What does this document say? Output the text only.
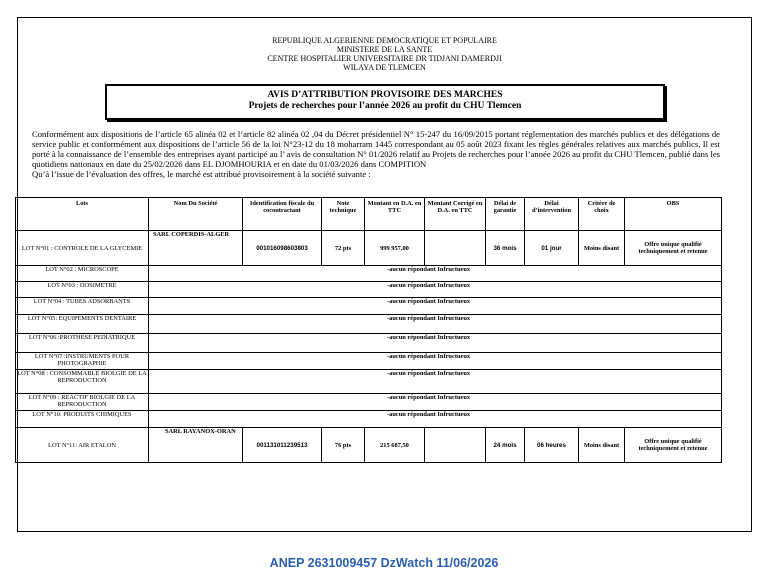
REPUBLIQUE ALGERIENNE DEMOCRATIQUE ET POPULAIRE
MINISTERE DE LA SANTE
CENTRE HOSPITALIER UNIVERSITAIRE DR TIDJANI DAMERDJI
WILAYA DE TLEMCEN
AVIS D’ATTRIBUTION PROVISOIRE DES MARCHES
Projets de recherches pour l’année 2026 au profit du CHU Tlemcen

Conformément aux dispositions de l’article 65 alinéa 02 et l’article 82 alinéa 02 ,04 du Décret présidentiel N° 15-247 du 16/09/2015 portant réglementation des marchés publics et des délégations de service public et conformément aux dispositions de l’article 56 de la loi N°23-12 du 18 moharram 1445 correspondant au 05 août 2023 fixant les règles générales relatives aux marchés publics, Il est porté à la connaissance de l’ensemble des entreprises ayant participé au l’ avis de consultation N° 01/2026 relatif au Projets de recherches pour l’année 2026 au profit du CHU Tlemcen, publié dans les quotidiens nationaux en date du 25/02/2026 dans EL DJOMHOURIA et en date du 01/03/2026 dans COMPITION

Qu’à l’issue de l’évaluation des offres, le marché est attribué provisoirement à la société suivante :

Lots	Nom Du Société	Identification fiscale du cocontractant	Note technique	Montant en D.A. en TTC	Montant Corrigé en D.A. en TTC	Délai de garantie	Délai d’intervention	Critère de choix	OBS
LOT N°01 : CONTROLE DE LA GLYCEMIE	SARL COPERDIS-ALGER	001016098603803	72 pts	999 957,00		36 mois	01 jour	Moins disant	Offre unique qualifié techniquement et retenue
LOT N°02 : MICROSCOPE	-aucun répondant Infructueux								
LOT N°03 : DOSIMETRE	-aucun répondant Infructueux								
LOT N°04 : TUBES ADSORBANTS	-aucun répondant Infructueux								
LOT N°05: EQUIPEMENTS DENTAIRE	-aucun répondant Infructueux								
LOT N°06 :PROTHESE PEDIATRIQUE	-aucun répondant Infructueux								
LOT N°07 :INSTRUMENTS POUR PHOTOGRAPHIE	-aucun répondant Infructueux								
LOT N°08 : CONSOMMABLE BIOLGIE DE LA REPRODUCTION	-aucun répondant Infructueux								
LOT N°09 : REACTIF BIOLGIE DE LA REPRODUCTION	-aucun répondant Infructueux								
LOT N°10: PRODUITS CHIMIQUES	-aucun répondant Infructueux								
LOT N°11: AIR ETALON	SARL RAYANOX-ORAN	001131011239513	76 pts	215 687,50		24 mois	06 heures	Moins disant	Offre unique qualifié techniquement et retenue
ANEP 2631009457 DzWatch 11/06/2026
